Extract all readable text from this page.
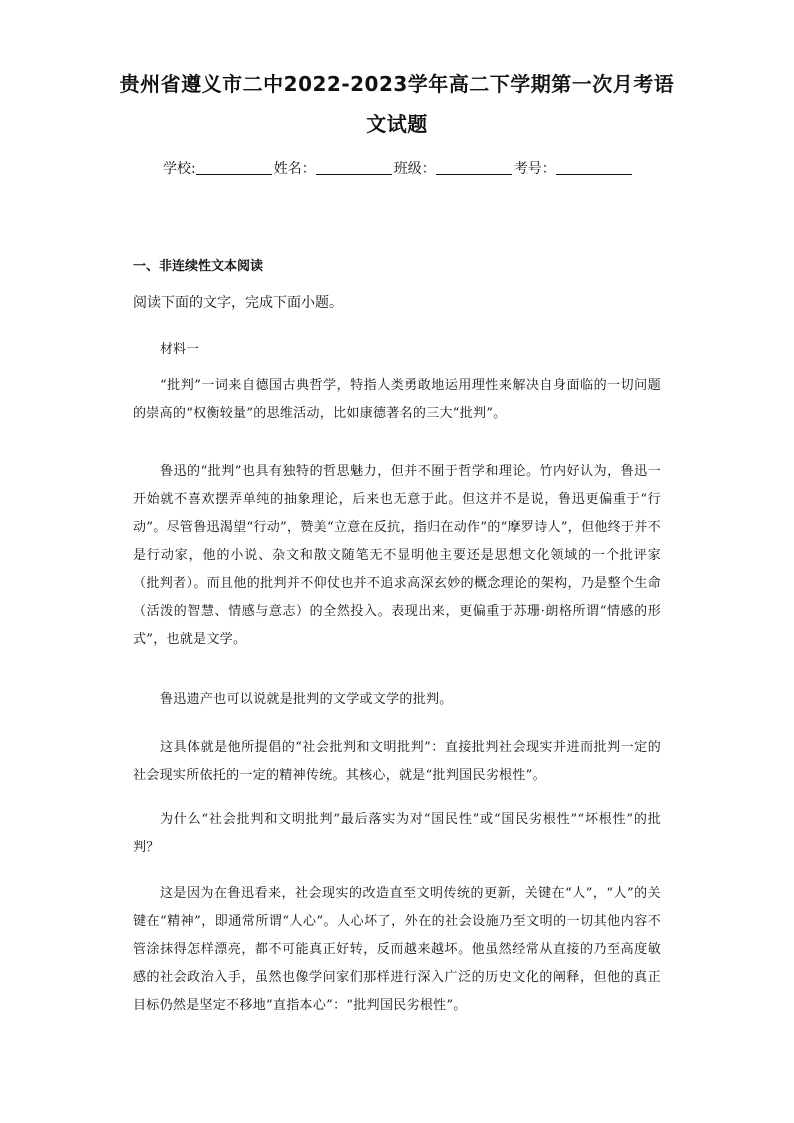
贵州省遵义市二中2022-2023学年高二下学期第一次月考语
文试题
学校:	姓名：	班级：	考号：
一、非连续性文本阅读
阅读下面的文字，完成下面小题。
材料一
“批判”一词来自德国古典哲学，特指人类勇敢地运用理性来解决自身面临的一切问题的崇高的“权衡较量”的思维活动，比如康德著名的三大“批判”。
鲁迅的“批判”也具有独特的哲思魅力，但并不囿于哲学和理论。竹内好认为，鲁迅一开始就不喜欢摆弄单纯的抽象理论，后来也无意于此。但这并不是说，鲁迅更偏重于“行动”。尽管鲁迅渴望“行动”，赞美“立意在反抗，指归在动作”的“摩罗诗人”，但他终于并不是行动家，他的小说、杂文和散文随笔无不显明他主要还是思想文化领域的一个批评家（批判者）。而且他的批判并不仰仗也并不追求高深玄妙的概念理论的架构，乃是整个生命（活泼的智慧、情感与意志）的全然投入。表现出来，更偏重于苏珊·朗格所谓“情感的形式”，也就是文学。
鲁迅遗产也可以说就是批判的文学或文学的批判。
这具体就是他所提倡的“社会批判和文明批判”：直接批判社会现实并进而批判一定的社会现实所依托的一定的精神传统。其核心，就是“批判国民劣根性”。
为什么“社会批判和文明批判”最后落实为对“国民性”或“国民劣根性”“坏根性”的批判？
这是因为在鲁迅看来，社会现实的改造直至文明传统的更新，关键在“人”，“人”的关键在“精神”，即通常所谓“人心”。人心坏了，外在的社会设施乃至文明的一切其他内容不管涂抹得怎样漂亮，都不可能真正好转，反而越来越坏。他虽然经常从直接的乃至高度敏感的社会政治入手，虽然也像学问家们那样进行深入广泛的历史文化的阐释，但他的真正目标仍然是坚定不移地“直指本心”：“批判国民劣根性”。
